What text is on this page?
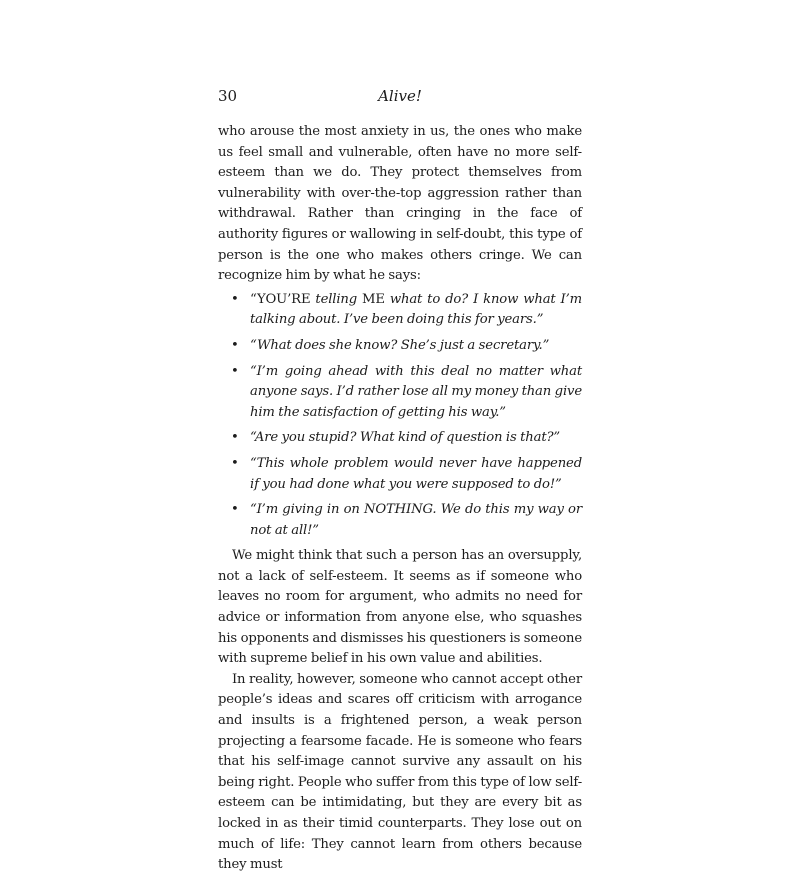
30	Alive!

who arouse the most anxiety in us, the ones who make us feel small and vulnerable, often have no more self-esteem than we do. They protect themselves from vulnerability with over-the-top aggression rather than withdrawal. Rather than cringing in the face of authority figures or wallowing in self-doubt, this type of person is the one who makes others cringe. We can recognize him by what he says:

• “YOU’RE telling ME what to do? I know what I’m talking about. I’ve been doing this for years.”
• “What does she know? She’s just a secretary.”
• “I’m going ahead with this deal no matter what anyone says. I’d rather lose all my money than give him the satisfaction of getting his way.”
• “Are you stupid? What kind of question is that?”
• “This whole problem would never have happened if you had done what you were supposed to do!”
• “I’m giving in on NOTHING. We do this my way or not at all!”

We might think that such a person has an oversupply, not a lack of self-esteem. It seems as if someone who leaves no room for argument, who admits no need for advice or information from anyone else, who squashes his opponents and dismisses his questioners is someone with supreme belief in his own value and abilities.

In reality, however, someone who cannot accept other people’s ideas and scares off criticism with arrogance and insults is a frightened person, a weak person projecting a fearsome facade. He is someone who fears that his self-image cannot survive any assault on his being right. People who suffer from this type of low self-esteem can be intimidating, but they are every bit as locked in as their timid counterparts. They lose out on much of life: They cannot learn from others because they must
